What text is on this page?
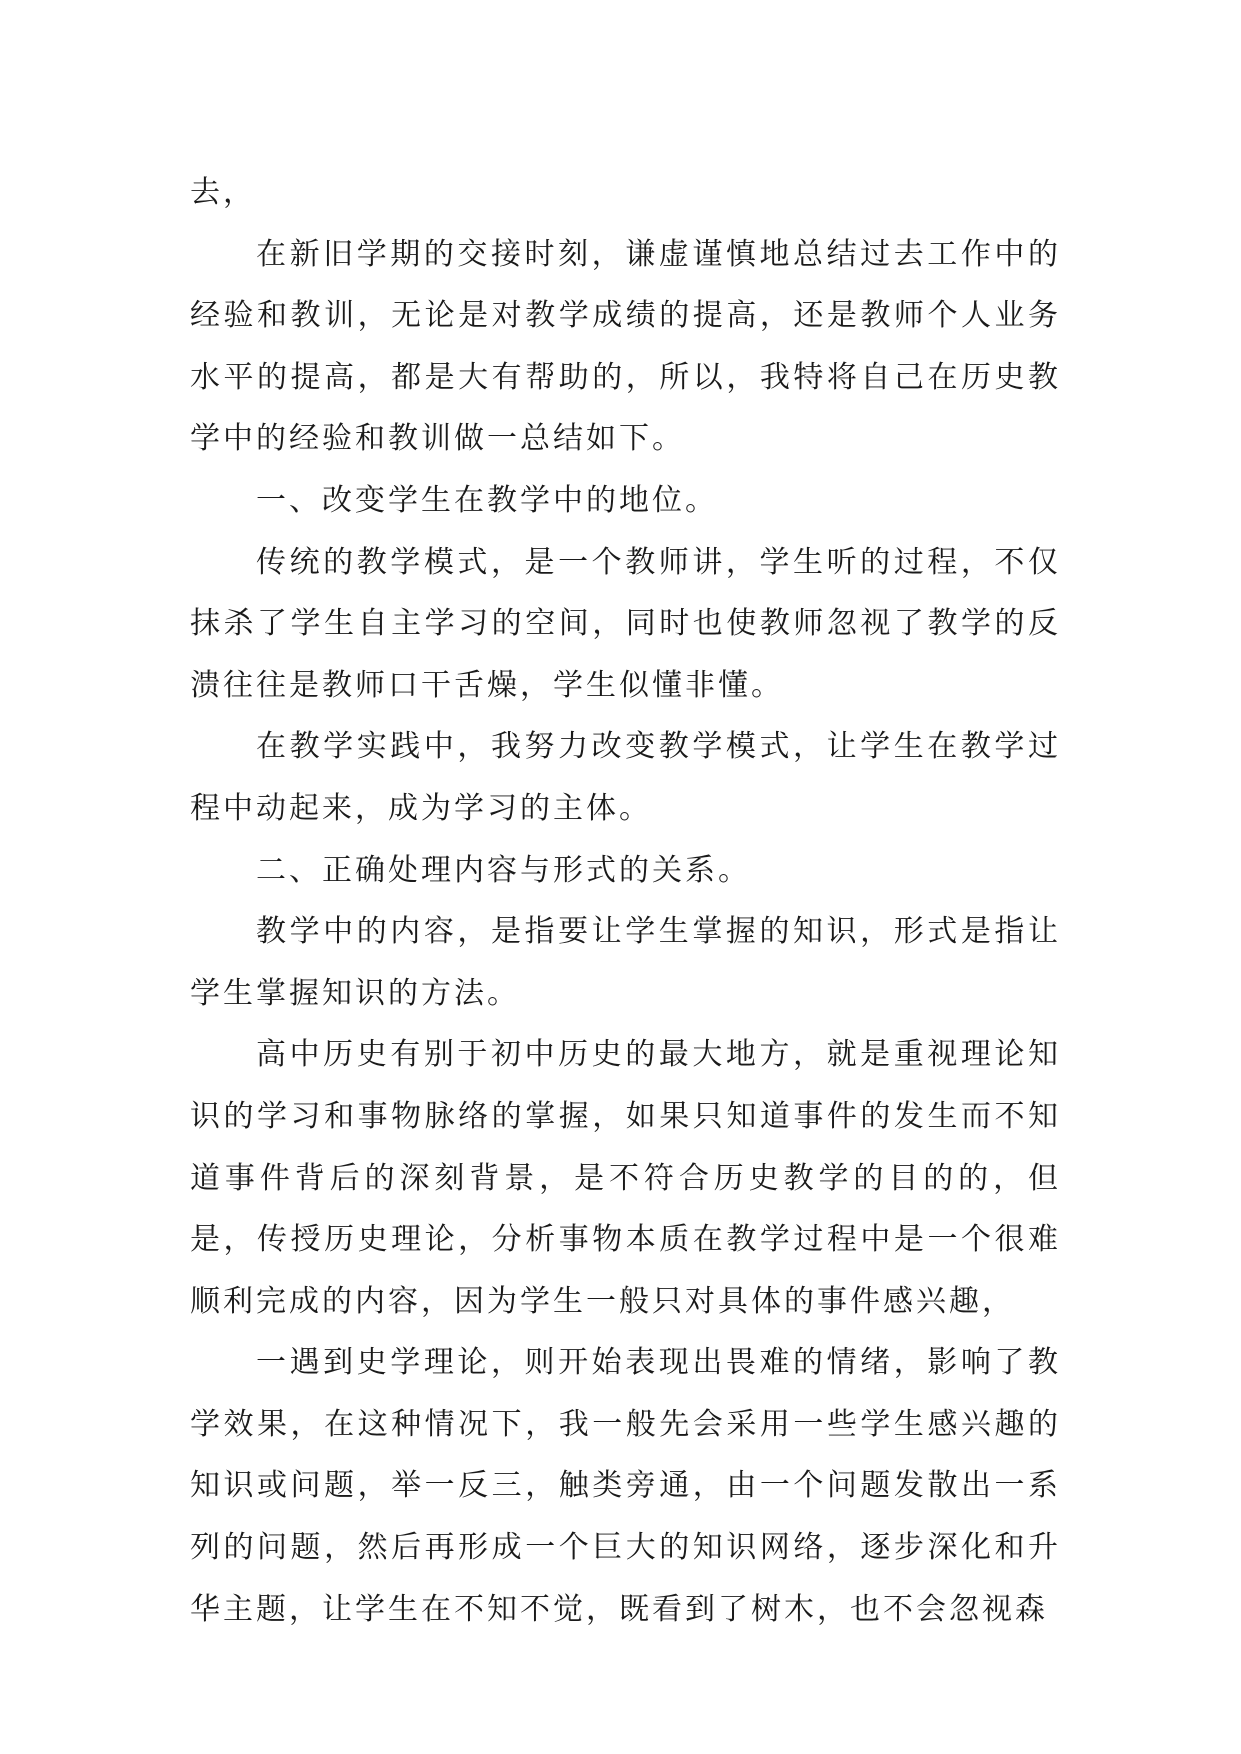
去，

在新旧学期的交接时刻，谦虚谨慎地总结过去工作中的经验和教训，无论是对教学成绩的提高，还是教师个人业务水平的提高，都是大有帮助的，所以，我特将自己在历史教学中的经验和教训做一总结如下。

一、改变学生在教学中的地位。

传统的教学模式，是一个教师讲，学生听的过程，不仅抹杀了学生自主学习的空间，同时也使教师忽视了教学的反溃往往是教师口干舌燥，学生似懂非懂。

在教学实践中，我努力改变教学模式，让学生在教学过程中动起来，成为学习的主体。

二、正确处理内容与形式的关系。

教学中的内容，是指要让学生掌握的知识，形式是指让学生掌握知识的方法。

高中历史有别于初中历史的最大地方，就是重视理论知识的学习和事物脉络的掌握，如果只知道事件的发生而不知道事件背后的深刻背景，是不符合历史教学的目的的，但是，传授历史理论，分析事物本质在教学过程中是一个很难顺利完成的内容，因为学生一般只对具体的事件感兴趣，

一遇到史学理论，则开始表现出畏难的情绪，影响了教学效果，在这种情况下，我一般先会采用一些学生感兴趣的知识或问题，举一反三，触类旁通，由一个问题发散出一系列的问题，然后再形成一个巨大的知识网络，逐步深化和升华主题，让学生在不知不觉，既看到了树木，也不会忽视森
